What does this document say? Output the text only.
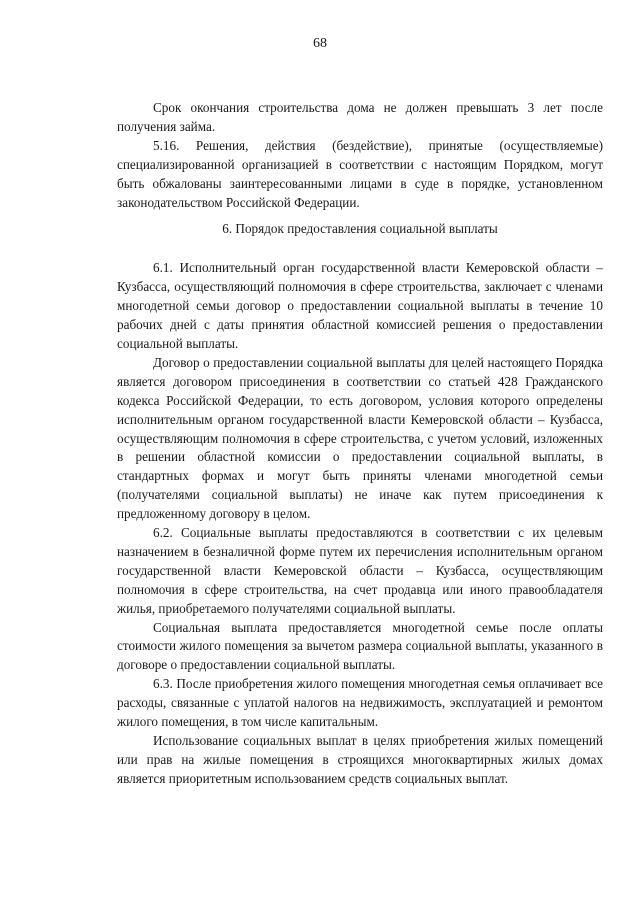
68

Срок окончания строительства дома не должен превышать 3 лет после получения займа.

5.16. Решения, действия (бездействие), принятые (осуществляемые) специализированной организацией в соответствии с настоящим Порядком, могут быть обжалованы заинтересованными лицами в суде в порядке, установленном законодательством Российской Федерации.

6. Порядок предоставления социальной выплаты

6.1. Исполнительный орган государственной власти Кемеровской области – Кузбасса, осуществляющий полномочия в сфере строительства, заключает с членами многодетной семьи договор о предоставлении социальной выплаты в течение 10 рабочих дней с даты принятия областной комиссией решения о предоставлении социальной выплаты.

Договор о предоставлении социальной выплаты для целей настоящего Порядка является договором присоединения в соответствии со статьей 428 Гражданского кодекса Российской Федерации, то есть договором, условия которого определены исполнительным органом государственной власти Кемеровской области – Кузбасса, осуществляющим полномочия в сфере строительства, с учетом условий, изложенных в решении областной комиссии о предоставлении социальной выплаты, в стандартных формах и могут быть приняты членами многодетной семьи (получателями социальной выплаты) не иначе как путем присоединения к предложенному договору в целом.

6.2. Социальные выплаты предоставляются в соответствии с их целевым назначением в безналичной форме путем их перечисления исполнительным органом государственной власти Кемеровской области – Кузбасса, осуществляющим полномочия в сфере строительства, на счет продавца или иного правообладателя жилья, приобретаемого получателями социальной выплаты.

Социальная выплата предоставляется многодетной семье после оплаты стоимости жилого помещения за вычетом размера социальной выплаты, указанного в договоре о предоставлении социальной выплаты.

6.3. После приобретения жилого помещения многодетная семья оплачивает все расходы, связанные с уплатой налогов на недвижимость, эксплуатацией и ремонтом жилого помещения, в том числе капитальным.

Использование социальных выплат в целях приобретения жилых помещений или прав на жилые помещения в строящихся многоквартирных жилых домах является приоритетным использованием средств социальных выплат.
